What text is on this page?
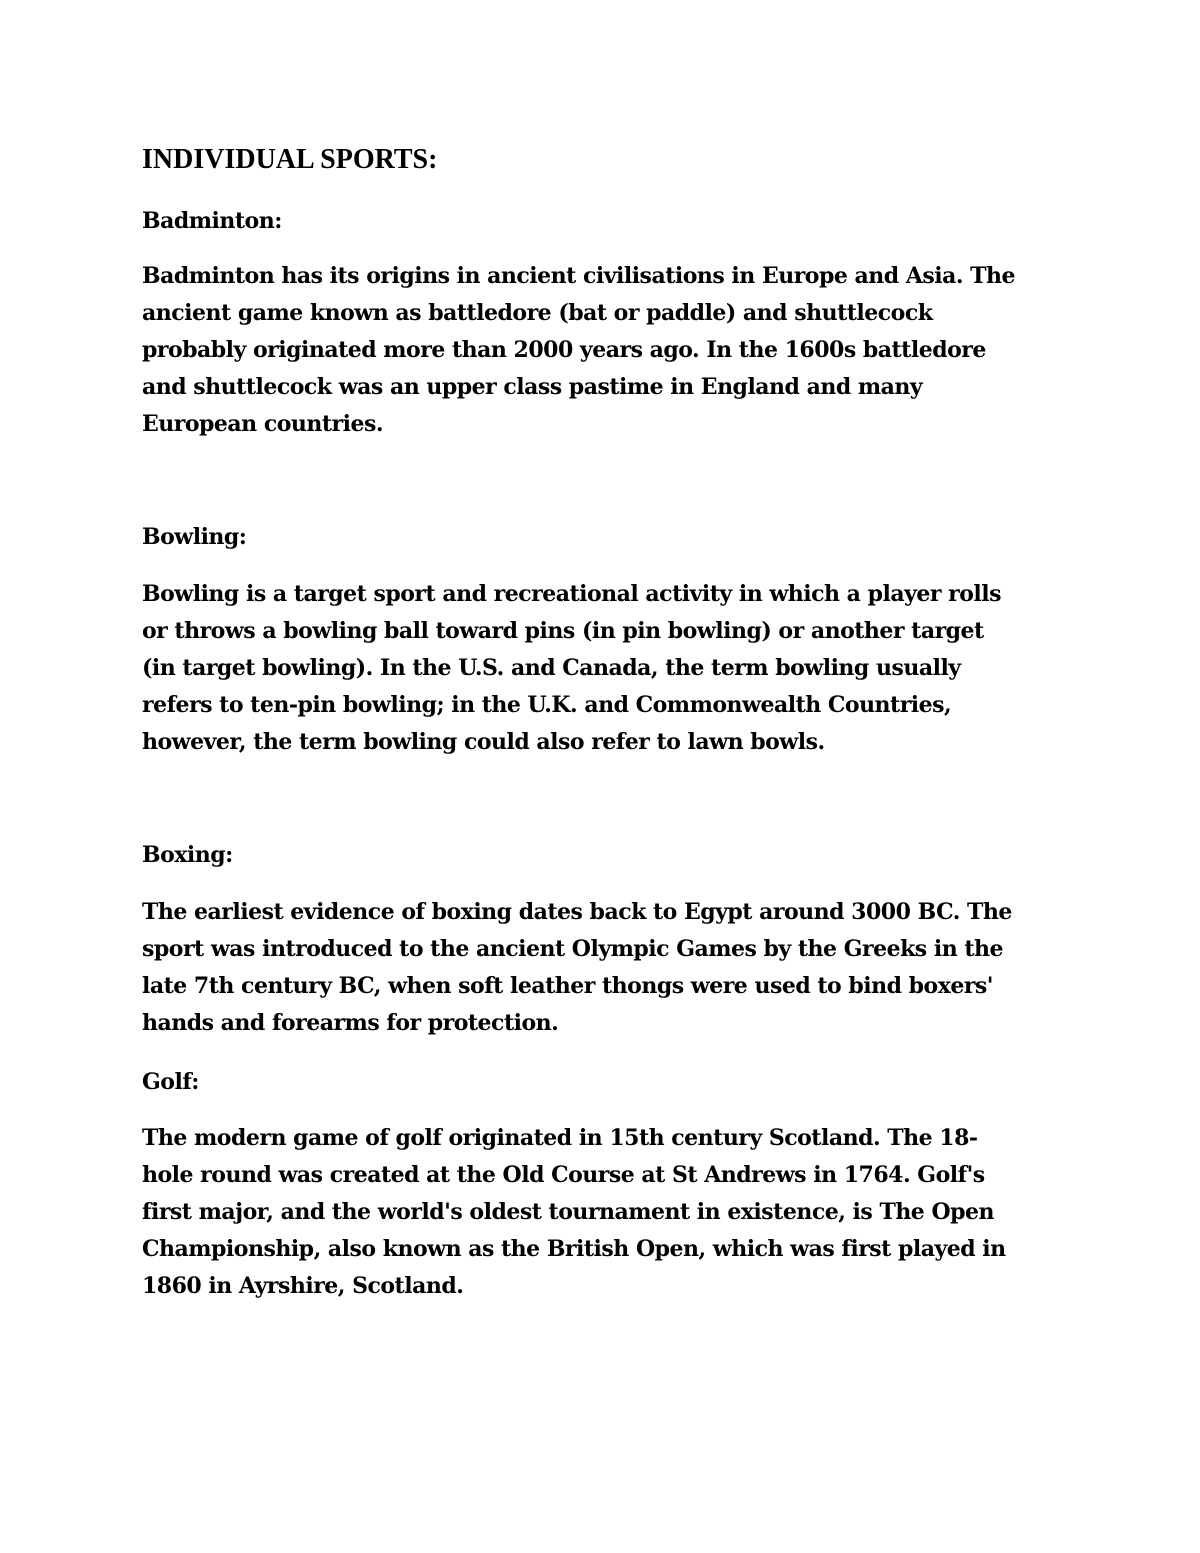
INDIVIDUAL SPORTS:
Badminton:

Badminton has its origins in ancient civilisations in Europe and Asia. The
ancient game known as battledore (bat or paddle) and shuttlecock
probably originated more than 2000 years ago. In the 1600s battledore
and shuttlecock was an upper class pastime in England and many
European countries.

Bowling:

Bowling is a target sport and recreational activity in which a player rolls
or throws a bowling ball toward pins (in pin bowling) or another target
(in target bowling). In the U.S. and Canada, the term bowling usually
refers to ten-pin bowling; in the U.K. and Commonwealth Countries,
however, the term bowling could also refer to lawn bowls.

Boxing:

The earliest evidence of boxing dates back to Egypt around 3000 BC. The
sport was introduced to the ancient Olympic Games by the Greeks in the
late 7th century BC, when soft leather thongs were used to bind boxers'
hands and forearms for protection.

Golf:

The modern game of golf originated in 15th century Scotland. The 18-
hole round was created at the Old Course at St Andrews in 1764. Golf's
first major, and the world's oldest tournament in existence, is The Open
Championship, also known as the British Open, which was first played in
1860 in Ayrshire, Scotland.
